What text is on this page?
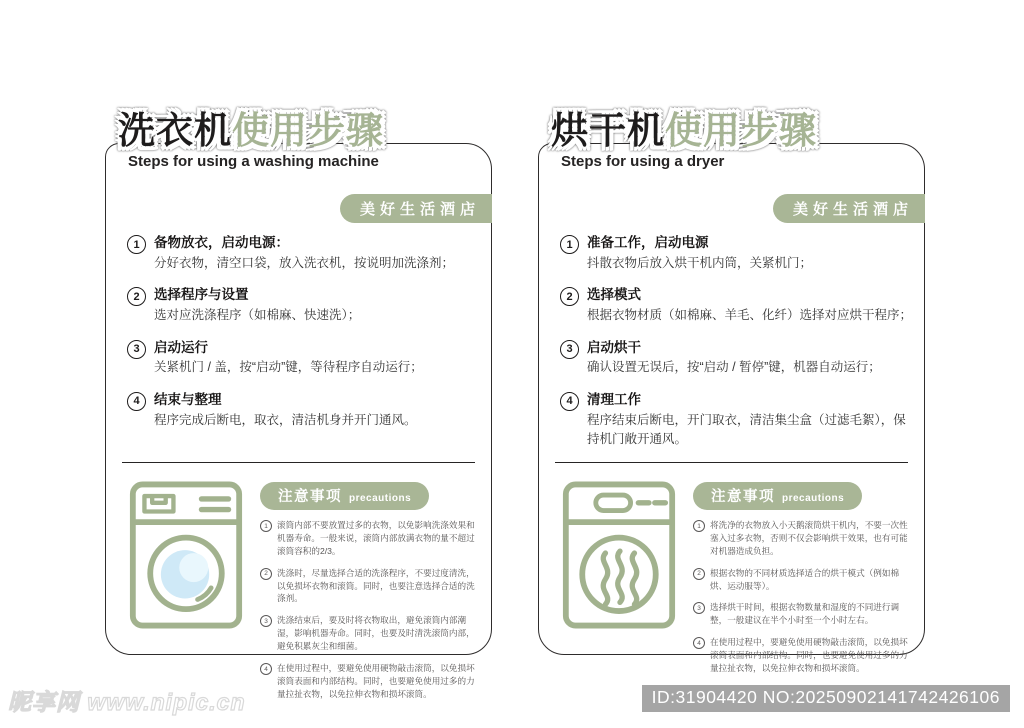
洗衣机使用步骤
Steps for using a washing machine
美好生活酒店
1	备物放衣，启动电源：
分好衣物，清空口袋，放入洗衣机，按说明加洗涤剂；
2	选择程序与设置
选对应洗涤程序（如棉麻、快速洗）；
3	启动运行
关紧机门 / 盖，按“启动”键，等待程序自动运行；
4	结束与整理
程序完成后断电，取衣，清洁机身并开门通风。
注意事项 precautions
1	滚筒内部不要放置过多的衣物，以免影响洗涤效果和机器寿命。一般来说，滚筒内部放满衣物的量不超过滚筒容积的2/3。
2	洗涤时，尽量选择合适的洗涤程序，不要过度清洗，以免损坏衣物和滚筒。同时，也要注意选择合适的洗涤剂。
3	洗涤结束后，要及时将衣物取出，避免滚筒内部潮湿，影响机器寿命。同时，也要及时清洗滚筒内部，避免积累灰尘和细菌。
4	在使用过程中，要避免使用硬物敲击滚筒，以免损坏滚筒表面和内部结构。同时，也要避免使用过多的力量拉扯衣物，以免拉伸衣物和损坏滚筒。
烘干机使用步骤
Steps for using a dryer
美好生活酒店
1	准备工作，启动电源
抖散衣物后放入烘干机内筒，关紧机门；
2	选择模式
根据衣物材质（如棉麻、羊毛、化纤）选择对应烘干程序；
3	启动烘干
确认设置无误后，按“启动 / 暂停”键，机器自动运行；
4	清理工作
程序结束后断电，开门取衣，清洁集尘盒（过滤毛絮），保持机门敞开通风。
注意事项 precautions
1	将洗净的衣物放入小天鹅滚筒烘干机内，不要一次性塞入过多衣物，否则不仅会影响烘干效果，也有可能对机器造成负担。
2	根据衣物的不同材质选择适合的烘干模式（例如棉烘、运动服等）。
3	选择烘干时间，根据衣物数量和湿度的不同进行调整，一般建议在半个小时至一个小时左右。
4	在使用过程中，要避免使用硬物敲击滚筒，以免损坏滚筒表面和内部结构。同时，也要避免使用过多的力量拉扯衣物，以免拉伸衣物和损坏滚筒。
昵享网 www.nipic.cn	ID:31904420 NO:20250902141742426106
